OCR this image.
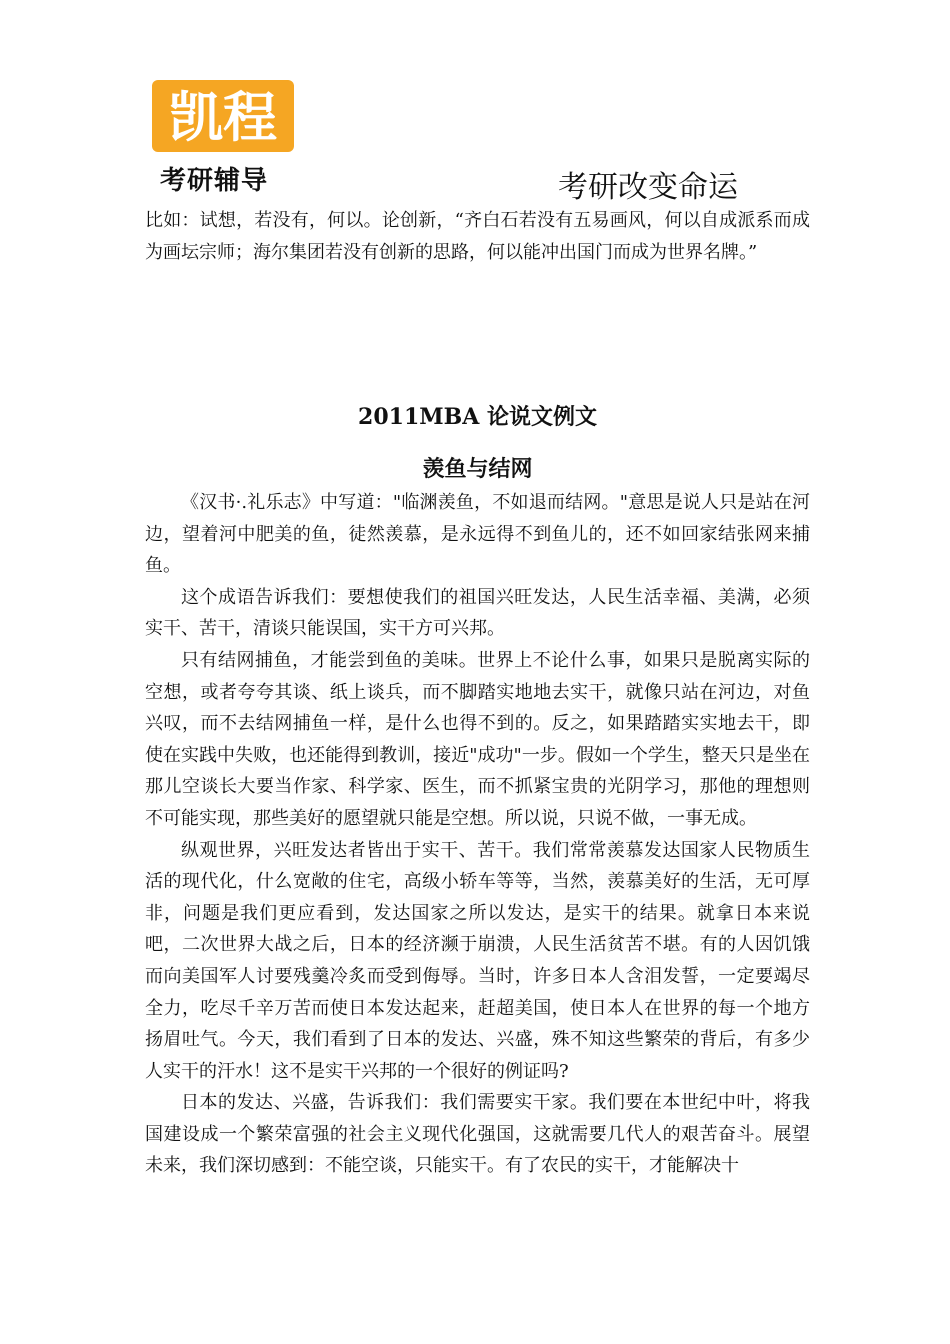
凯程
考研辅导	考研改变命运

比如：试想，若没有，何以。论创新，“齐白石若没有五易画风，何以自成派系而成为画坛宗师；海尔集团若没有创新的思路，何以能冲出国门而成为世界名牌。”

2011MBA 论说文例文
羡鱼与结网

《汉书·.礼乐志》中写道："临渊羡鱼，不如退而结网。"意思是说人只是站在河边，望着河中肥美的鱼，徒然羡慕，是永远得不到鱼儿的，还不如回家结张网来捕鱼。

这个成语告诉我们：要想使我们的祖国兴旺发达，人民生活幸福、美满，必须实干、苦干，清谈只能误国，实干方可兴邦。

只有结网捕鱼，才能尝到鱼的美味。世界上不论什么事，如果只是脱离实际的空想，或者夸夸其谈、纸上谈兵，而不脚踏实地地去实干，就像只站在河边，对鱼兴叹，而不去结网捕鱼一样，是什么也得不到的。反之，如果踏踏实实地去干，即使在实践中失败，也还能得到教训，接近"成功"一步。假如一个学生，整天只是坐在那儿空谈长大要当作家、科学家、医生，而不抓紧宝贵的光阴学习，那他的理想则不可能实现，那些美好的愿望就只能是空想。所以说，只说不做，一事无成。

纵观世界，兴旺发达者皆出于实干、苦干。我们常常羡慕发达国家人民物质生活的现代化，什么宽敞的住宅，高级小轿车等等，当然，羡慕美好的生活，无可厚非，问题是我们更应看到，发达国家之所以发达，是实干的结果。就拿日本来说吧，二次世界大战之后，日本的经济濒于崩溃，人民生活贫苦不堪。有的人因饥饿而向美国军人讨要残羹冷炙而受到侮辱。当时，许多日本人含泪发誓，一定要竭尽全力，吃尽千辛万苦而使日本发达起来，赶超美国，使日本人在世界的每一个地方扬眉吐气。今天，我们看到了日本的发达、兴盛，殊不知这些繁荣的背后，有多少人实干的汗水！这不是实干兴邦的一个很好的例证吗?

日本的发达、兴盛，告诉我们：我们需要实干家。我们要在本世纪中叶，将我国建设成一个繁荣富强的社会主义现代化强国，这就需要几代人的艰苦奋斗。展望未来，我们深切感到：不能空谈，只能实干。有了农民的实干，才能解决十
